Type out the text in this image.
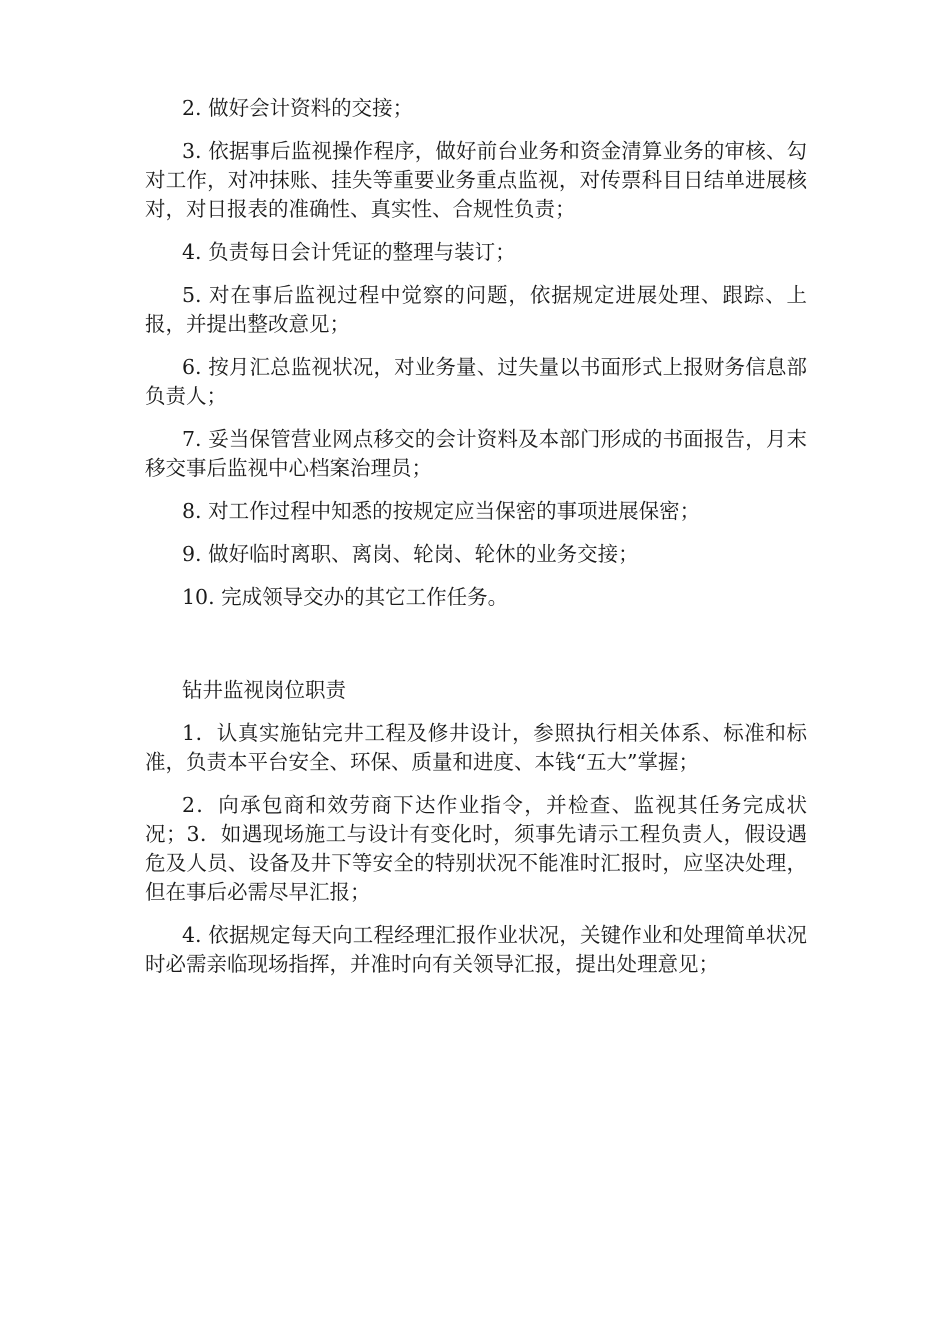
2. 做好会计资料的交接；

3. 依据事后监视操作程序，做好前台业务和资金清算业务的审核、勾对工作，对冲抹账、挂失等重要业务重点监视，对传票科目日结单进展核对，对日报表的准确性、真实性、合规性负责；

4. 负责每日会计凭证的整理与装订；

5. 对在事后监视过程中觉察的问题，依据规定进展处理、跟踪、上报，并提出整改意见；

6. 按月汇总监视状况，对业务量、过失量以书面形式上报财务信息部负责人；

7. 妥当保管营业网点移交的会计资料及本部门形成的书面报告，月末移交事后监视中心档案治理员；

8. 对工作过程中知悉的按规定应当保密的事项进展保密；

9. 做好临时离职、离岗、轮岗、轮休的业务交接；

10. 完成领导交办的其它工作任务。

钻井监视岗位职责

1．认真实施钻完井工程及修井设计，参照执行相关体系、标准和标准，负责本平台安全、环保、质量和进度、本钱“五大”掌握；

2．向承包商和效劳商下达作业指令，并检查、监视其任务完成状况；3．如遇现场施工与设计有变化时，须事先请示工程负责人，假设遇危及人员、设备及井下等安全的特别状况不能准时汇报时，应坚决处理，但在事后必需尽早汇报；

4. 依据规定每天向工程经理汇报作业状况，关键作业和处理简单状况时必需亲临现场指挥，并准时向有关领导汇报，提出处理意见；
